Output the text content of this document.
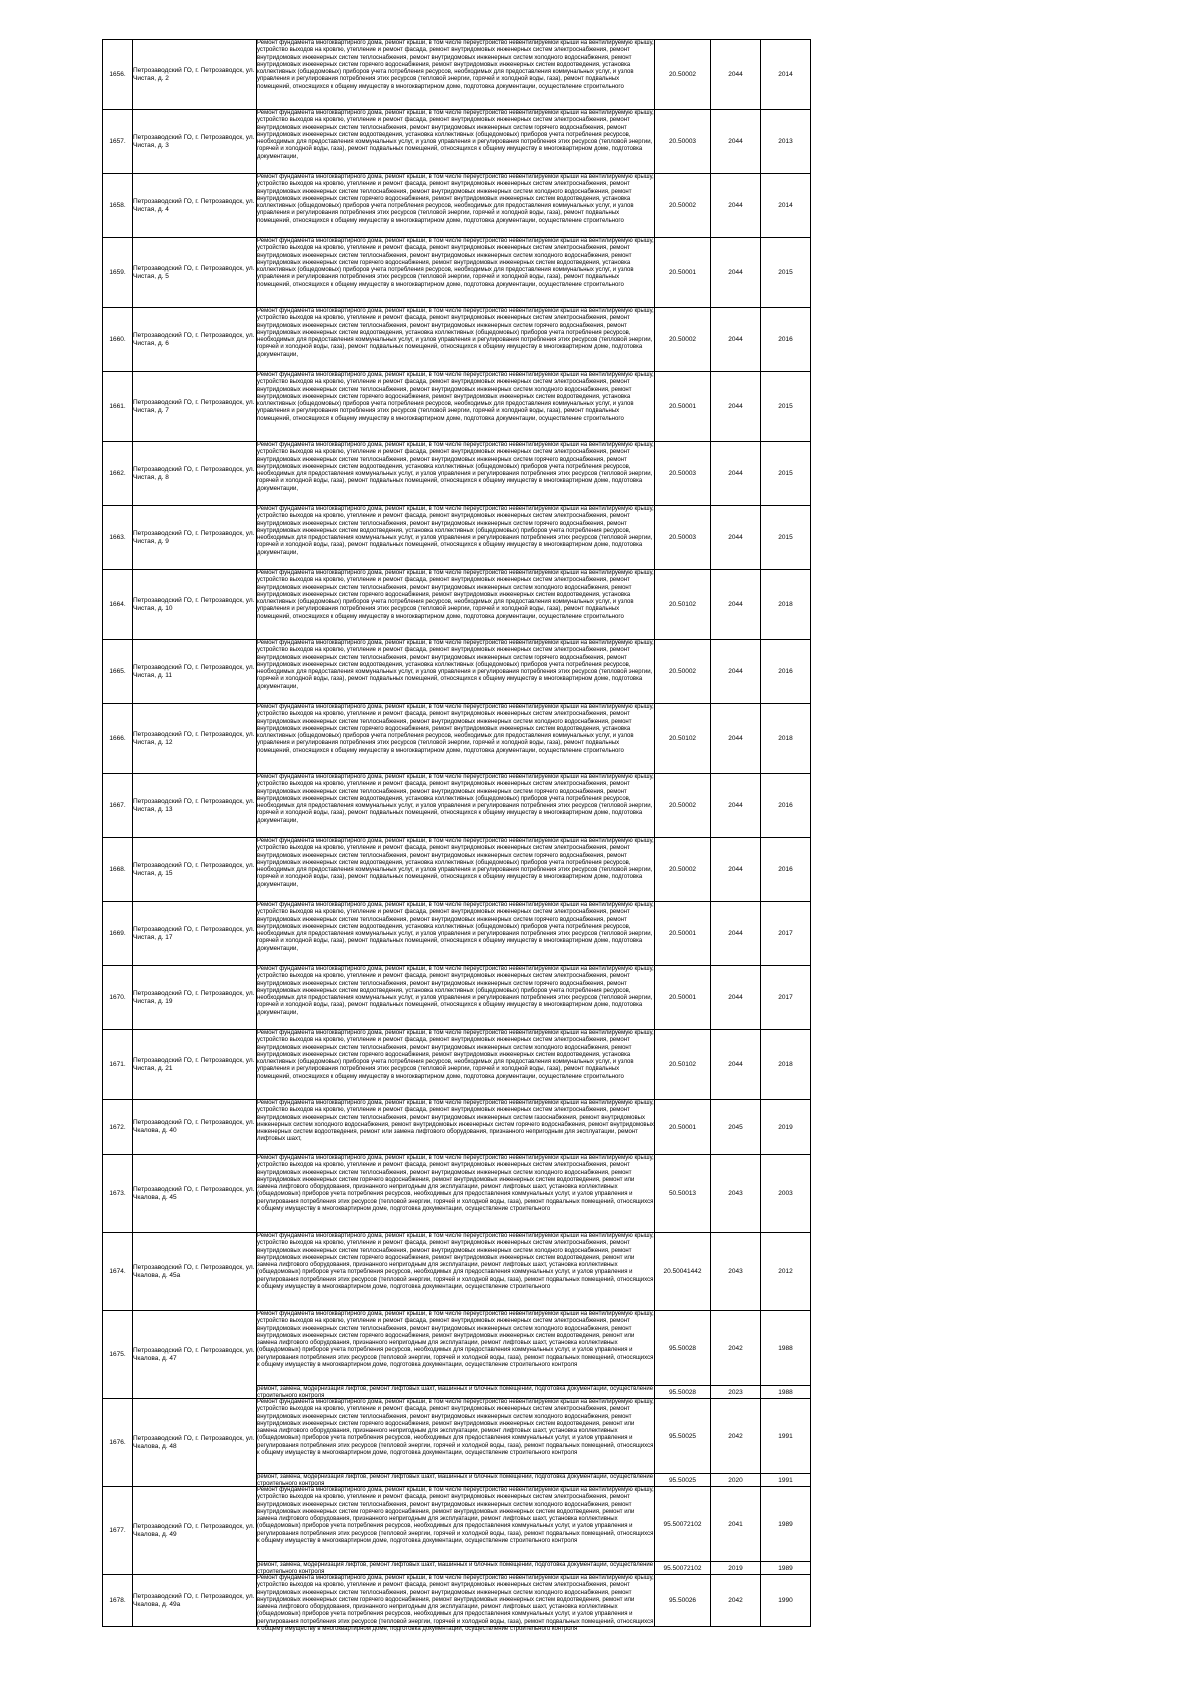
1656.	Петрозаводский ГО, г. Петрозаводск, ул. Чистая, д. 2	Ремонт фундамента многоквартирного дома, ремонт крыши, в том числе переустройство невентилируемой крыши на вентилируемую крышу, устройство выходов на кровлю, утепление и ремонт фасада, ремонт внутридомовых инженерных систем электроснабжения, ремонт внутридомовых инженерных систем теплоснабжения, ремонт внутридомовых инженерных систем холодного водоснабжения, ремонт внутридомовых инженерных систем горячего водоснабжения, ремонт внутридомовых инженерных систем водоотведения, установка коллективных (общедомовых) приборов учета потребления ресурсов, необходимых для предоставления коммунальных услуг, и узлов управления и регулирования потребления этих ресурсов (тепловой энергии, горячей и холодной воды, газа), ремонт подвальных помещений, относящихся к общему имуществу в многоквартирном доме, подготовка документации, осуществление строительного	20.50002	2044	2014
1657.	Петрозаводский ГО, г. Петрозаводск, ул. Чистая, д. 3	Ремонт фундамента многоквартирного дома, ремонт крыши, в том числе переустройство невентилируемой крыши на вентилируемую крышу, устройство выходов на кровлю, утепление и ремонт фасада, ремонт внутридомовых инженерных систем электроснабжения, ремонт внутридомовых инженерных систем теплоснабжения, ремонт внутридомовых инженерных систем горячего водоснабжения, ремонт внутридомовых инженерных систем водоотведения, установка коллективных (общедомовых) приборов учета потребления ресурсов, необходимых для предоставления коммунальных услуг, и узлов управления и регулирования потребления этих ресурсов (тепловой энергии, горячей и холодной воды, газа), ремонт подвальных помещений, относящихся к общему имуществу в многоквартирном доме, подготовка документации,	20.50003	2044	2013
1658.	Петрозаводский ГО, г. Петрозаводск, ул. Чистая, д. 4	Ремонт фундамента многоквартирного дома, ремонт крыши, в том числе переустройство невентилируемой крыши на вентилируемую крышу, устройство выходов на кровлю, утепление и ремонт фасада, ремонт внутридомовых инженерных систем электроснабжения, ремонт внутридомовых инженерных систем теплоснабжения, ремонт внутридомовых инженерных систем холодного водоснабжения, ремонт внутридомовых инженерных систем горячего водоснабжения, ремонт внутридомовых инженерных систем водоотведения, установка коллективных (общедомовых) приборов учета потребления ресурсов, необходимых для предоставления коммунальных услуг, и узлов управления и регулирования потребления этих ресурсов (тепловой энергии, горячей и холодной воды, газа), ремонт подвальных помещений, относящихся к общему имуществу в многоквартирном доме, подготовка документации, осуществление строительного	20.50002	2044	2014
1659.	Петрозаводский ГО, г. Петрозаводск, ул. Чистая, д. 5	Ремонт фундамента многоквартирного дома, ремонт крыши, в том числе переустройство невентилируемой крыши на вентилируемую крышу, устройство выходов на кровлю, утепление и ремонт фасада, ремонт внутридомовых инженерных систем электроснабжения, ремонт внутридомовых инженерных систем теплоснабжения, ремонт внутридомовых инженерных систем холодного водоснабжения, ремонт внутридомовых инженерных систем горячего водоснабжения, ремонт внутридомовых инженерных систем водоотведения, установка коллективных (общедомовых) приборов учета потребления ресурсов, необходимых для предоставления коммунальных услуг, и узлов управления и регулирования потребления этих ресурсов (тепловой энергии, горячей и холодной воды, газа), ремонт подвальных помещений, относящихся к общему имуществу в многоквартирном доме, подготовка документации, осуществление строительного	20.50001	2044	2015
1660.	Петрозаводский ГО, г. Петрозаводск, ул. Чистая, д. 6	Ремонт фундамента многоквартирного дома, ремонт крыши, в том числе переустройство невентилируемой крыши на вентилируемую крышу, устройство выходов на кровлю, утепление и ремонт фасада, ремонт внутридомовых инженерных систем электроснабжения, ремонт внутридомовых инженерных систем теплоснабжения, ремонт внутридомовых инженерных систем горячего водоснабжения, ремонт внутридомовых инженерных систем водоотведения, установка коллективных (общедомовых) приборов учета потребления ресурсов, необходимых для предоставления коммунальных услуг, и узлов управления и регулирования потребления этих ресурсов (тепловой энергии, горячей и холодной воды, газа), ремонт подвальных помещений, относящихся к общему имуществу в многоквартирном доме, подготовка документации,	20.50002	2044	2016
1661.	Петрозаводский ГО, г. Петрозаводск, ул. Чистая, д. 7	Ремонт фундамента многоквартирного дома, ремонт крыши, в том числе переустройство невентилируемой крыши на вентилируемую крышу, устройство выходов на кровлю, утепление и ремонт фасада, ремонт внутридомовых инженерных систем электроснабжения, ремонт внутридомовых инженерных систем теплоснабжения, ремонт внутридомовых инженерных систем холодного водоснабжения, ремонт внутридомовых инженерных систем горячего водоснабжения, ремонт внутридомовых инженерных систем водоотведения, установка коллективных (общедомовых) приборов учета потребления ресурсов, необходимых для предоставления коммунальных услуг, и узлов управления и регулирования потребления этих ресурсов (тепловой энергии, горячей и холодной воды, газа), ремонт подвальных помещений, относящихся к общему имуществу в многоквартирном доме, подготовка документации, осуществление строительного	20.50001	2044	2015
1662.	Петрозаводский ГО, г. Петрозаводск, ул. Чистая, д. 8	Ремонт фундамента многоквартирного дома, ремонт крыши, в том числе переустройство невентилируемой крыши на вентилируемую крышу, устройство выходов на кровлю, утепление и ремонт фасада, ремонт внутридомовых инженерных систем электроснабжения, ремонт внутридомовых инженерных систем теплоснабжения, ремонт внутридомовых инженерных систем горячего водоснабжения, ремонт внутридомовых инженерных систем водоотведения, установка коллективных (общедомовых) приборов учета потребления ресурсов, необходимых для предоставления коммунальных услуг, и узлов управления и регулирования потребления этих ресурсов (тепловой энергии, горячей и холодной воды, газа), ремонт подвальных помещений, относящихся к общему имуществу в многоквартирном доме, подготовка документации,	20.50003	2044	2015
1663.	Петрозаводский ГО, г. Петрозаводск, ул. Чистая, д. 9	Ремонт фундамента многоквартирного дома, ремонт крыши, в том числе переустройство невентилируемой крыши на вентилируемую крышу, устройство выходов на кровлю, утепление и ремонт фасада, ремонт внутридомовых инженерных систем электроснабжения, ремонт внутридомовых инженерных систем теплоснабжения, ремонт внутридомовых инженерных систем горячего водоснабжения, ремонт внутридомовых инженерных систем водоотведения, установка коллективных (общедомовых) приборов учета потребления ресурсов, необходимых для предоставления коммунальных услуг, и узлов управления и регулирования потребления этих ресурсов (тепловой энергии, горячей и холодной воды, газа), ремонт подвальных помещений, относящихся к общему имуществу в многоквартирном доме, подготовка документации,	20.50003	2044	2015
1664.	Петрозаводский ГО, г. Петрозаводск, ул. Чистая, д. 10	Ремонт фундамента многоквартирного дома, ремонт крыши, в том числе переустройство невентилируемой крыши на вентилируемую крышу, устройство выходов на кровлю, утепление и ремонт фасада, ремонт внутридомовых инженерных систем электроснабжения, ремонт внутридомовых инженерных систем теплоснабжения, ремонт внутридомовых инженерных систем холодного водоснабжения, ремонт внутридомовых инженерных систем горячего водоснабжения, ремонт внутридомовых инженерных систем водоотведения, установка коллективных (общедомовых) приборов учета потребления ресурсов, необходимых для предоставления коммунальных услуг, и узлов управления и регулирования потребления этих ресурсов (тепловой энергии, горячей и холодной воды, газа), ремонт подвальных помещений, относящихся к общему имуществу в многоквартирном доме, подготовка документации, осуществление строительного	20.50102	2044	2018
1665.	Петрозаводский ГО, г. Петрозаводск, ул. Чистая, д. 11	Ремонт фундамента многоквартирного дома, ремонт крыши, в том числе переустройство невентилируемой крыши на вентилируемую крышу, устройство выходов на кровлю, утепление и ремонт фасада, ремонт внутридомовых инженерных систем электроснабжения, ремонт внутридомовых инженерных систем теплоснабжения, ремонт внутридомовых инженерных систем горячего водоснабжения, ремонт внутридомовых инженерных систем водоотведения, установка коллективных (общедомовых) приборов учета потребления ресурсов, необходимых для предоставления коммунальных услуг, и узлов управления и регулирования потребления этих ресурсов (тепловой энергии, горячей и холодной воды, газа), ремонт подвальных помещений, относящихся к общему имуществу в многоквартирном доме, подготовка документации,	20.50002	2044	2016
1666.	Петрозаводский ГО, г. Петрозаводск, ул. Чистая, д. 12	Ремонт фундамента многоквартирного дома, ремонт крыши, в том числе переустройство невентилируемой крыши на вентилируемую крышу, устройство выходов на кровлю, утепление и ремонт фасада, ремонт внутридомовых инженерных систем электроснабжения, ремонт внутридомовых инженерных систем теплоснабжения, ремонт внутридомовых инженерных систем холодного водоснабжения, ремонт внутридомовых инженерных систем горячего водоснабжения, ремонт внутридомовых инженерных систем водоотведения, установка коллективных (общедомовых) приборов учета потребления ресурсов, необходимых для предоставления коммунальных услуг, и узлов управления и регулирования потребления этих ресурсов (тепловой энергии, горячей и холодной воды, газа), ремонт подвальных помещений, относящихся к общему имуществу в многоквартирном доме, подготовка документации, осуществление строительного	20.50102	2044	2018
1667.	Петрозаводский ГО, г. Петрозаводск, ул. Чистая, д. 13	Ремонт фундамента многоквартирного дома, ремонт крыши, в том числе переустройство невентилируемой крыши на вентилируемую крышу, устройство выходов на кровлю, утепление и ремонт фасада, ремонт внутридомовых инженерных систем электроснабжения, ремонт внутридомовых инженерных систем теплоснабжения, ремонт внутридомовых инженерных систем горячего водоснабжения, ремонт внутридомовых инженерных систем водоотведения, установка коллективных (общедомовых) приборов учета потребления ресурсов, необходимых для предоставления коммунальных услуг, и узлов управления и регулирования потребления этих ресурсов (тепловой энергии, горячей и холодной воды, газа), ремонт подвальных помещений, относящихся к общему имуществу в многоквартирном доме, подготовка документации,	20.50002	2044	2016
1668.	Петрозаводский ГО, г. Петрозаводск, ул. Чистая, д. 15	Ремонт фундамента многоквартирного дома, ремонт крыши, в том числе переустройство невентилируемой крыши на вентилируемую крышу, устройство выходов на кровлю, утепление и ремонт фасада, ремонт внутридомовых инженерных систем электроснабжения, ремонт внутридомовых инженерных систем теплоснабжения, ремонт внутридомовых инженерных систем горячего водоснабжения, ремонт внутридомовых инженерных систем водоотведения, установка коллективных (общедомовых) приборов учета потребления ресурсов, необходимых для предоставления коммунальных услуг, и узлов управления и регулирования потребления этих ресурсов (тепловой энергии, горячей и холодной воды, газа), ремонт подвальных помещений, относящихся к общему имуществу в многоквартирном доме, подготовка документации,	20.50002	2044	2016
1669.	Петрозаводский ГО, г. Петрозаводск, ул. Чистая, д. 17	Ремонт фундамента многоквартирного дома, ремонт крыши, в том числе переустройство невентилируемой крыши на вентилируемую крышу, устройство выходов на кровлю, утепление и ремонт фасада, ремонт внутридомовых инженерных систем электроснабжения, ремонт внутридомовых инженерных систем теплоснабжения, ремонт внутридомовых инженерных систем горячего водоснабжения, ремонт внутридомовых инженерных систем водоотведения, установка коллективных (общедомовых) приборов учета потребления ресурсов, необходимых для предоставления коммунальных услуг, и узлов управления и регулирования потребления этих ресурсов (тепловой энергии, горячей и холодной воды, газа), ремонт подвальных помещений, относящихся к общему имуществу в многоквартирном доме, подготовка документации,	20.50001	2044	2017
1670.	Петрозаводский ГО, г. Петрозаводск, ул. Чистая, д. 19	Ремонт фундамента многоквартирного дома, ремонт крыши, в том числе переустройство невентилируемой крыши на вентилируемую крышу, устройство выходов на кровлю, утепление и ремонт фасада, ремонт внутридомовых инженерных систем электроснабжения, ремонт внутридомовых инженерных систем теплоснабжения, ремонт внутридомовых инженерных систем горячего водоснабжения, ремонт внутридомовых инженерных систем водоотведения, установка коллективных (общедомовых) приборов учета потребления ресурсов, необходимых для предоставления коммунальных услуг, и узлов управления и регулирования потребления этих ресурсов (тепловой энергии, горячей и холодной воды, газа), ремонт подвальных помещений, относящихся к общему имуществу в многоквартирном доме, подготовка документации,	20.50001	2044	2017
1671.	Петрозаводский ГО, г. Петрозаводск, ул. Чистая, д. 21	Ремонт фундамента многоквартирного дома, ремонт крыши, в том числе переустройство невентилируемой крыши на вентилируемую крышу, устройство выходов на кровлю, утепление и ремонт фасада, ремонт внутридомовых инженерных систем электроснабжения, ремонт внутридомовых инженерных систем теплоснабжения, ремонт внутридомовых инженерных систем холодного водоснабжения, ремонт внутридомовых инженерных систем горячего водоснабжения, ремонт внутридомовых инженерных систем водоотведения, установка коллективных (общедомовых) приборов учета потребления ресурсов, необходимых для предоставления коммунальных услуг, и узлов управления и регулирования потребления этих ресурсов (тепловой энергии, горячей и холодной воды, газа), ремонт подвальных помещений, относящихся к общему имуществу в многоквартирном доме, подготовка документации, осуществление строительного	20.50102	2044	2018
1672.	Петрозаводский ГО, г. Петрозаводск, ул. Чкалова, д. 40	Ремонт фундамента многоквартирного дома, ремонт крыши, в том числе переустройство невентилируемой крыши на вентилируемую крышу, устройство выходов на кровлю, утепление и ремонт фасада, ремонт внутридомовых инженерных систем электроснабжения, ремонт внутридомовых инженерных систем теплоснабжения, ремонт внутридомовых инженерных систем газоснабжения, ремонт внутридомовых инженерных систем холодного водоснабжения, ремонт внутридомовых инженерных систем горячего водоснабжения, ремонт внутридомовых инженерных систем водоотведения, ремонт или замена лифтового оборудования, признанного непригодным для эксплуатации, ремонт лифтовых шахт,	20.50001	2045	2019
1673.	Петрозаводский ГО, г. Петрозаводск, ул. Чкалова, д. 45	Ремонт фундамента многоквартирного дома, ремонт крыши, в том числе переустройство невентилируемой крыши на вентилируемую крышу, устройство выходов на кровлю, утепление и ремонт фасада, ремонт внутридомовых инженерных систем электроснабжения, ремонт внутридомовых инженерных систем теплоснабжения, ремонт внутридомовых инженерных систем холодного водоснабжения, ремонт внутридомовых инженерных систем горячего водоснабжения, ремонт внутридомовых инженерных систем водоотведения, ремонт или замена лифтового оборудования, признанного непригодным для эксплуатации, ремонт лифтовых шахт, установка коллективных (общедомовых) приборов учета потребления ресурсов, необходимых для предоставления коммунальных услуг, и узлов управления и регулирования потребления этих ресурсов (тепловой энергии, горячей и холодной воды, газа), ремонт подвальных помещений, относящихся к общему имуществу в многоквартирном доме, подготовка документации, осуществление строительного	50.50013	2043	2003
1674.	Петрозаводский ГО, г. Петрозаводск, ул. Чкалова, д. 45а	Ремонт фундамента многоквартирного дома, ремонт крыши, в том числе переустройство невентилируемой крыши на вентилируемую крышу, устройство выходов на кровлю, утепление и ремонт фасада, ремонт внутридомовых инженерных систем электроснабжения, ремонт внутридомовых инженерных систем теплоснабжения, ремонт внутридомовых инженерных систем холодного водоснабжения, ремонт внутридомовых инженерных систем горячего водоснабжения, ремонт внутридомовых инженерных систем водоотведения, ремонт или замена лифтового оборудования, признанного непригодным для эксплуатации, ремонт лифтовых шахт, установка коллективных (общедомовых) приборов учета потребления ресурсов, необходимых для предоставления коммунальных услуг, и узлов управления и регулирования потребления этих ресурсов (тепловой энергии, горячей и холодной воды, газа), ремонт подвальных помещений, относящихся к общему имуществу в многоквартирном доме, подготовка документации, осуществление строительного	20.50041442	2043	2012
1675.	Петрозаводский ГО, г. Петрозаводск, ул. Чкалова, д. 47	Ремонт фундамента многоквартирного дома, ремонт крыши, в том числе переустройство невентилируемой крыши на вентилируемую крышу, устройство выходов на кровлю, утепление и ремонт фасада, ремонт внутридомовых инженерных систем электроснабжения, ремонт внутридомовых инженерных систем теплоснабжения, ремонт внутридомовых инженерных систем холодного водоснабжения, ремонт внутридомовых инженерных систем горячего водоснабжения, ремонт внутридомовых инженерных систем водоотведения, ремонт или замена лифтового оборудования, признанного непригодным для эксплуатации, ремонт лифтовых шахт, установка коллективных (общедомовых) приборов учета потребления ресурсов, необходимых для предоставления коммунальных услуг, и узлов управления и регулирования потребления этих ресурсов (тепловой энергии, горячей и холодной воды, газа), ремонт подвальных помещений, относящихся к общему имуществу в многоквартирном доме, подготовка документации, осуществление строительного контроля	95.50028	2042	1988

		ремонт, замена, модернизация лифтов, ремонт лифтовых шахт, машинных и блочных помещений, подготовка документации, осуществление строительного контроля	95.50028	2023	1988
1676.	Петрозаводский ГО, г. Петрозаводск, ул. Чкалова, д. 48	Ремонт фундамента многоквартирного дома, ремонт крыши, в том числе переустройство невентилируемой крыши на вентилируемую крышу, устройство выходов на кровлю, утепление и ремонт фасада, ремонт внутридомовых инженерных систем электроснабжения, ремонт внутридомовых инженерных систем теплоснабжения, ремонт внутридомовых инженерных систем холодного водоснабжения, ремонт внутридомовых инженерных систем горячего водоснабжения, ремонт внутридомовых инженерных систем водоотведения, ремонт или замена лифтового оборудования, признанного непригодным для эксплуатации, ремонт лифтовых шахт, установка коллективных (общедомовых) приборов учета потребления ресурсов, необходимых для предоставления коммунальных услуг, и узлов управления и регулирования потребления этих ресурсов (тепловой энергии, горячей и холодной воды, газа), ремонт подвальных помещений, относящихся к общему имуществу в многоквартирном доме, подготовка документации, осуществление строительного контроля	95.50025	2042	1991

		ремонт, замена, модернизация лифтов, ремонт лифтовых шахт, машинных и блочных помещений, подготовка документации, осуществление строительного контроля	95.50025	2020	1991
1677.	Петрозаводский ГО, г. Петрозаводск, ул. Чкалова, д. 49	Ремонт фундамента многоквартирного дома, ремонт крыши, в том числе переустройство невентилируемой крыши на вентилируемую крышу, устройство выходов на кровлю, утепление и ремонт фасада, ремонт внутридомовых инженерных систем электроснабжения, ремонт внутридомовых инженерных систем теплоснабжения, ремонт внутридомовых инженерных систем холодного водоснабжения, ремонт внутридомовых инженерных систем горячего водоснабжения, ремонт внутридомовых инженерных систем водоотведения, ремонт или замена лифтового оборудования, признанного непригодным для эксплуатации, ремонт лифтовых шахт, установка коллективных (общедомовых) приборов учета потребления ресурсов, необходимых для предоставления коммунальных услуг, и узлов управления и регулирования потребления этих ресурсов (тепловой энергии, горячей и холодной воды, газа), ремонт подвальных помещений, относящихся к общему имуществу в многоквартирном доме, подготовка документации, осуществление строительного контроля	95.50072102	2041	1989

		ремонт, замена, модернизация лифтов, ремонт лифтовых шахт, машинных и блочных помещений, подготовка документации, осуществление строительного контроля	95.50072102	2019	1989
1678.	Петрозаводский ГО, г. Петрозаводск, ул. Чкалова, д. 49а	Ремонт фундамента многоквартирного дома, ремонт крыши, в том числе переустройство невентилируемой крыши на вентилируемую крышу, устройство выходов на кровлю, утепление и ремонт фасада, ремонт внутридомовых инженерных систем электроснабжения, ремонт внутридомовых инженерных систем теплоснабжения, ремонт внутридомовых инженерных систем холодного водоснабжения, ремонт внутридомовых инженерных систем горячего водоснабжения, ремонт внутридомовых инженерных систем водоотведения, ремонт или замена лифтового оборудования, признанного непригодным для эксплуатации, ремонт лифтовых шахт, установка коллективных (общедомовых) приборов учета потребления ресурсов, необходимых для предоставления коммунальных услуг, и узлов управления и регулирования потребления этих ресурсов (тепловой энергии, горячей и холодной воды, газа), ремонт подвальных помещений, относящихся к общему имуществу в многоквартирном доме, подготовка документации, осуществление строительного контроля	95.50026	2042	1990
